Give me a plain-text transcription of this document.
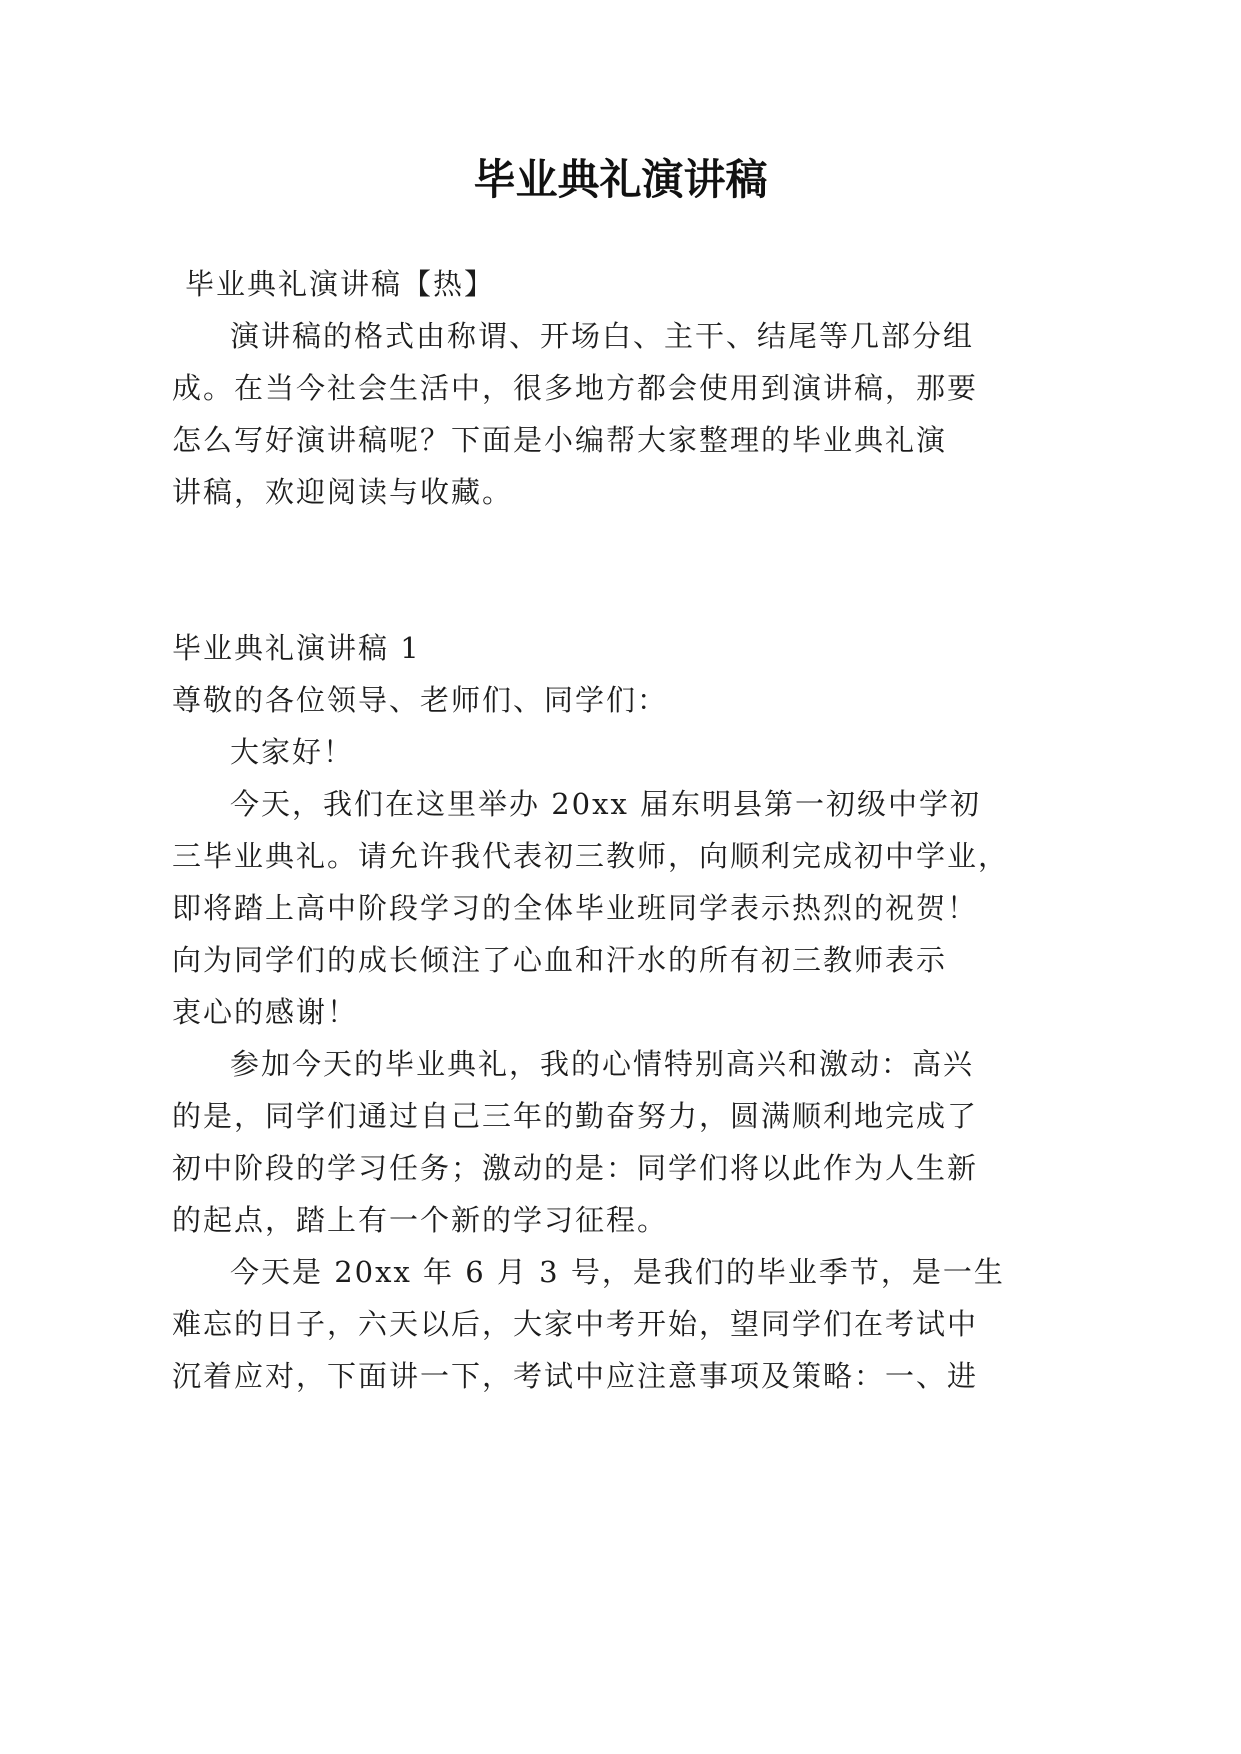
毕业典礼演讲稿
毕业典礼演讲稿【热】
演讲稿的格式由称谓、开场白、主干、结尾等几部分组
成。在当今社会生活中，很多地方都会使用到演讲稿，那要
怎么写好演讲稿呢？下面是小编帮大家整理的毕业典礼演
讲稿，欢迎阅读与收藏。
毕业典礼演讲稿 1
尊敬的各位领导、老师们、同学们：
大家好！
今天，我们在这里举办 20xx 届东明县第一初级中学初
三毕业典礼。请允许我代表初三教师，向顺利完成初中学业，
即将踏上高中阶段学习的全体毕业班同学表示热烈的祝贺！
向为同学们的成长倾注了心血和汗水的所有初三教师表示
衷心的感谢！
参加今天的毕业典礼，我的心情特别高兴和激动：高兴
的是，同学们通过自己三年的勤奋努力，圆满顺利地完成了
初中阶段的学习任务；激动的是：同学们将以此作为人生新
的起点，踏上有一个新的学习征程。
今天是 20xx 年 6 月 3 号，是我们的毕业季节，是一生
难忘的日子，六天以后，大家中考开始，望同学们在考试中
沉着应对，下面讲一下，考试中应注意事项及策略：一、进
